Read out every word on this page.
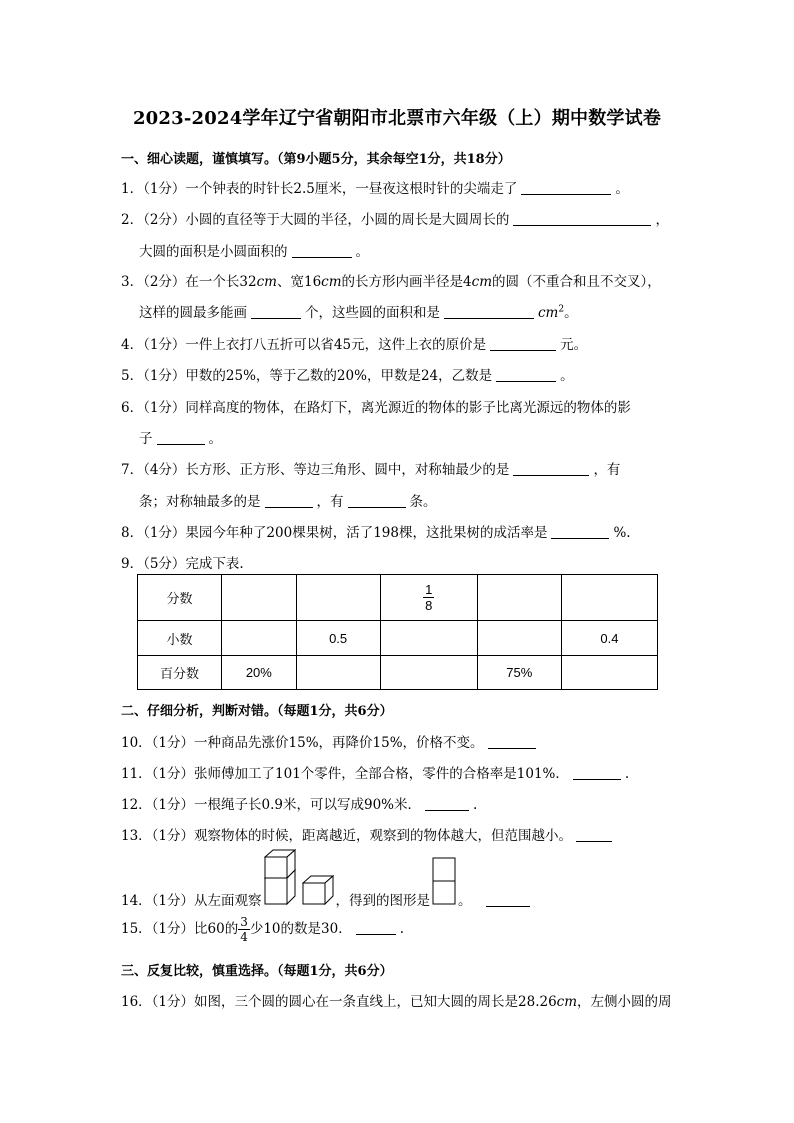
2023-2024学年辽宁省朝阳市北票市六年级（上）期中数学试卷
一、细心读题，谨慎填写。（第9小题5分，其余每空1分，共18分）
1．（1分）一个钟表的时针长2.5厘米，一昼夜这根时针的尖端走了	。
2．（2分）小圆的直径等于大圆的半径，小圆的周长是大圆周长的	，
大圆的面积是小圆面积的	。
3．（2分）在一个长32cm、宽16cm的长方形内画半径是4cm的圆（不重合和且不交叉），
这样的圆最多能画	个，这些圆的面积和是	$cm^2$。
4．（1分）一件上衣打八五折可以省45元，这件上衣的原价是	元。
5．（1分）甲数的25%，等于乙数的20%，甲数是24，乙数是	。
6．（1分）同样高度的物体，在路灯下，离光源近的物体的影子比离光源远的物体的影
子	。
7．（4分）长方形、正方形、等边三角形、圆中，对称轴最少的是	，有
条；对称轴最多的是	，有	条。
8．（1分）果园今年种了200棵果树，活了198棵，这批果树的成活率是	%.
9．（5分）完成下表.
分数			$\frac{1}{8}$

小数		0.5			0.4
百分数	20%			75%	
二、仔细分析，判断对错。（每题1分，共6分）
10．（1分）一种商品先涨价15%，再降价15%，价格不变。
11．（1分）张师傅加工了101个零件，全部合格，零件的合格率是101%．	.
12．（1分）一根绳子长0.9米，可以写成90%米．	.
13．（1分）观察物体的时候，距离越近，观察到的物体越大，但范围越小。
14．（1分）从左面观察	，得到的图形是 。
15．（1分）比60的 $\frac{3}{4}$ 少10的数是30．	.
三、反复比较，慎重选择。（每题1分，共6分）
16．（1分）如图，三个圆的圆心在一条直线上，已知大圆的周长是28.26cm，左侧小圆的周
